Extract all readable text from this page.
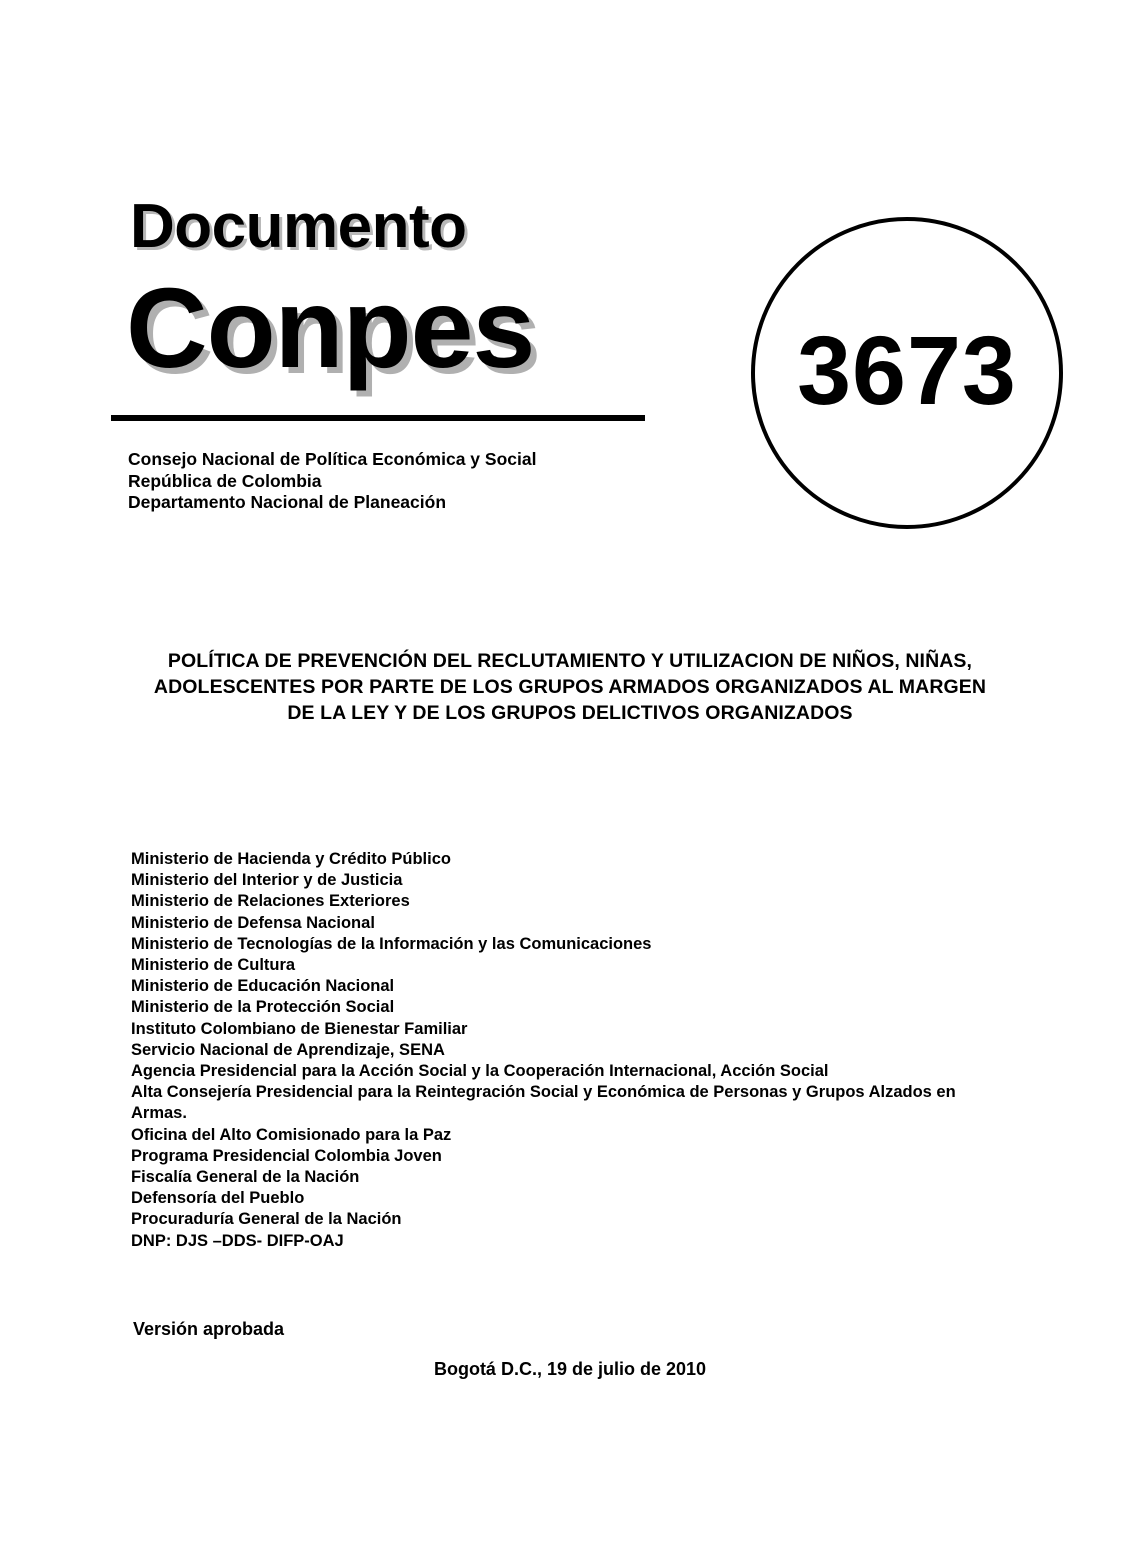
Documento
Conpes
Consejo Nacional de Política Económica y Social
República de Colombia
Departamento Nacional de Planeación
3673
POLÍTICA DE PREVENCIÓN DEL RECLUTAMIENTO Y UTILIZACION DE NIÑOS, NIÑAS, ADOLESCENTES POR PARTE DE LOS GRUPOS ARMADOS ORGANIZADOS AL MARGEN DE LA LEY Y DE LOS GRUPOS DELICTIVOS ORGANIZADOS
Ministerio de Hacienda y Crédito Público
Ministerio del Interior y de Justicia
Ministerio de Relaciones Exteriores
Ministerio de Defensa Nacional
Ministerio de Tecnologías de la Información y las Comunicaciones
Ministerio de Cultura
Ministerio de Educación Nacional
Ministerio de la Protección Social
Instituto Colombiano de Bienestar Familiar
Servicio Nacional de Aprendizaje, SENA
Agencia Presidencial para la Acción Social y la Cooperación Internacional, Acción Social
Alta Consejería Presidencial para la Reintegración Social y Económica de Personas y Grupos Alzados en Armas.
Oficina del Alto Comisionado para la Paz
Programa Presidencial Colombia Joven
Fiscalía General de la Nación
Defensoría del Pueblo
Procuraduría General de la Nación
DNP: DJS –DDS- DIFP-OAJ
Versión aprobada
Bogotá D.C., 19 de julio de 2010
